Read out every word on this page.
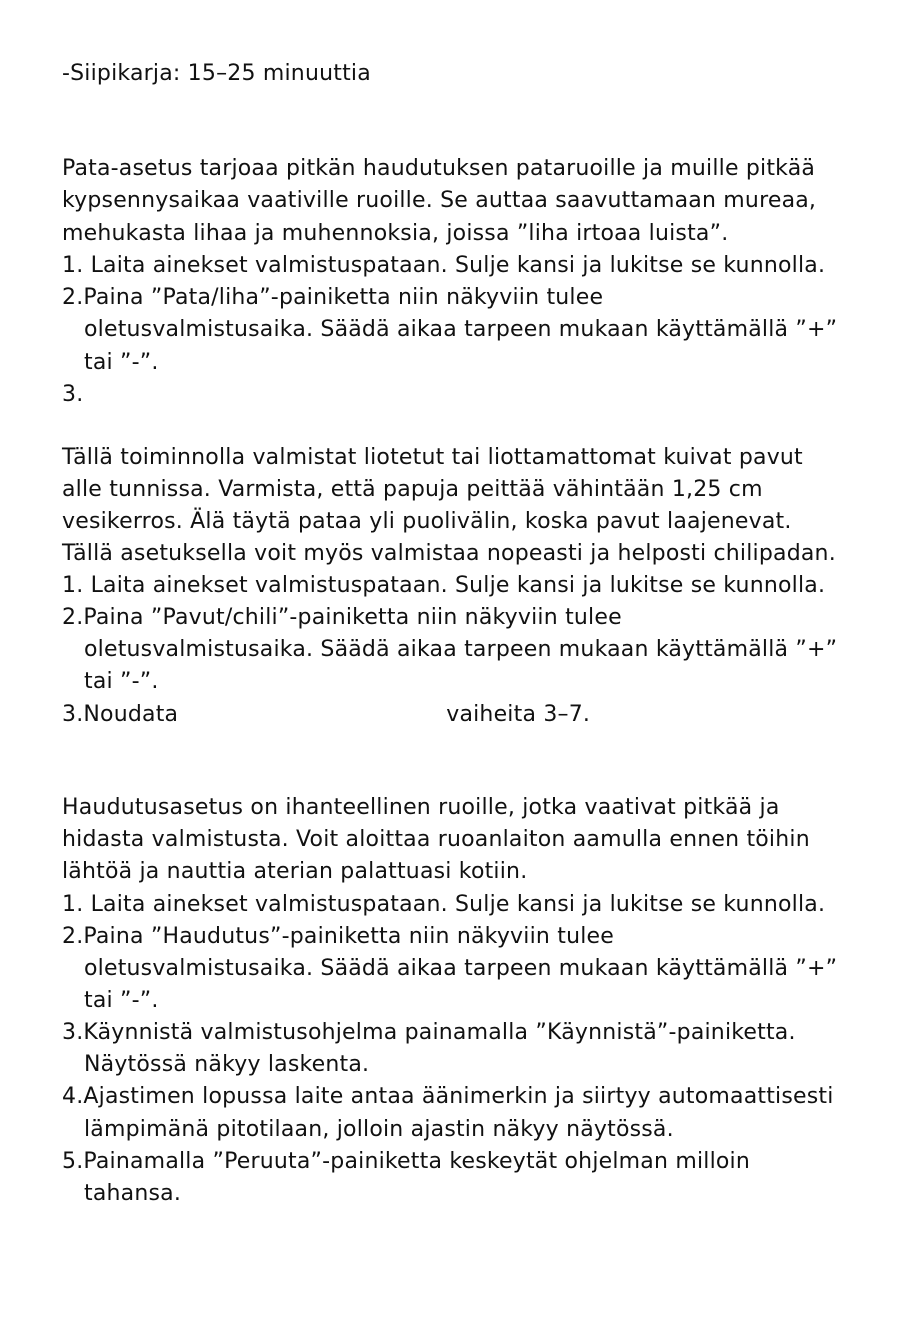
-Siipikarja: 15–25 minuuttia
Pata-asetus tarjoaa pitkän haudutuksen pataruoille ja muille pitkää
kypsennysaikaa vaativille ruoille. Se auttaa saavuttamaan mureaa,
mehukasta lihaa ja muhennoksia, joissa ”liha irtoaa luista”.
1. Laita ainekset valmistuspataan. Sulje kansi ja lukitse se kunnolla.
2.Paina ”Pata/liha”-painiketta niin näkyviin tulee
oletusvalmistusaika. Säädä aikaa tarpeen mukaan käyttämällä ”+”
tai ”-”.
3.
Tällä toiminnolla valmistat liotetut tai liottamattomat kuivat pavut
alle tunnissa. Varmista, että papuja peittää vähintään 1,25 cm
vesikerros. Älä täytä pataa yli puolivälin, koska pavut laajenevat.
Tällä asetuksella voit myös valmistaa nopeasti ja helposti chilipadan.
1. Laita ainekset valmistuspataan. Sulje kansi ja lukitse se kunnolla.
2.Paina ”Pavut/chili”-painiketta niin näkyviin tulee
oletusvalmistusaika. Säädä aikaa tarpeen mukaan käyttämällä ”+”
tai ”-”.
3.Noudata	vaiheita 3–7.
Haudutusasetus on ihanteellinen ruoille, jotka vaativat pitkää ja
hidasta valmistusta. Voit aloittaa ruoanlaiton aamulla ennen töihin
lähtöä ja nauttia aterian palattuasi kotiin.
1. Laita ainekset valmistuspataan. Sulje kansi ja lukitse se kunnolla.
2.Paina ”Haudutus”-painiketta niin näkyviin tulee
oletusvalmistusaika. Säädä aikaa tarpeen mukaan käyttämällä ”+”
tai ”-”.
3.Käynnistä valmistusohjelma painamalla ”Käynnistä”-painiketta.
Näytössä näkyy laskenta.
4.Ajastimen lopussa laite antaa äänimerkin ja siirtyy automaattisesti
lämpimänä pitotilaan, jolloin ajastin näkyy näytössä.
5.Painamalla ”Peruuta”-painiketta keskeytät ohjelman milloin
tahansa.
